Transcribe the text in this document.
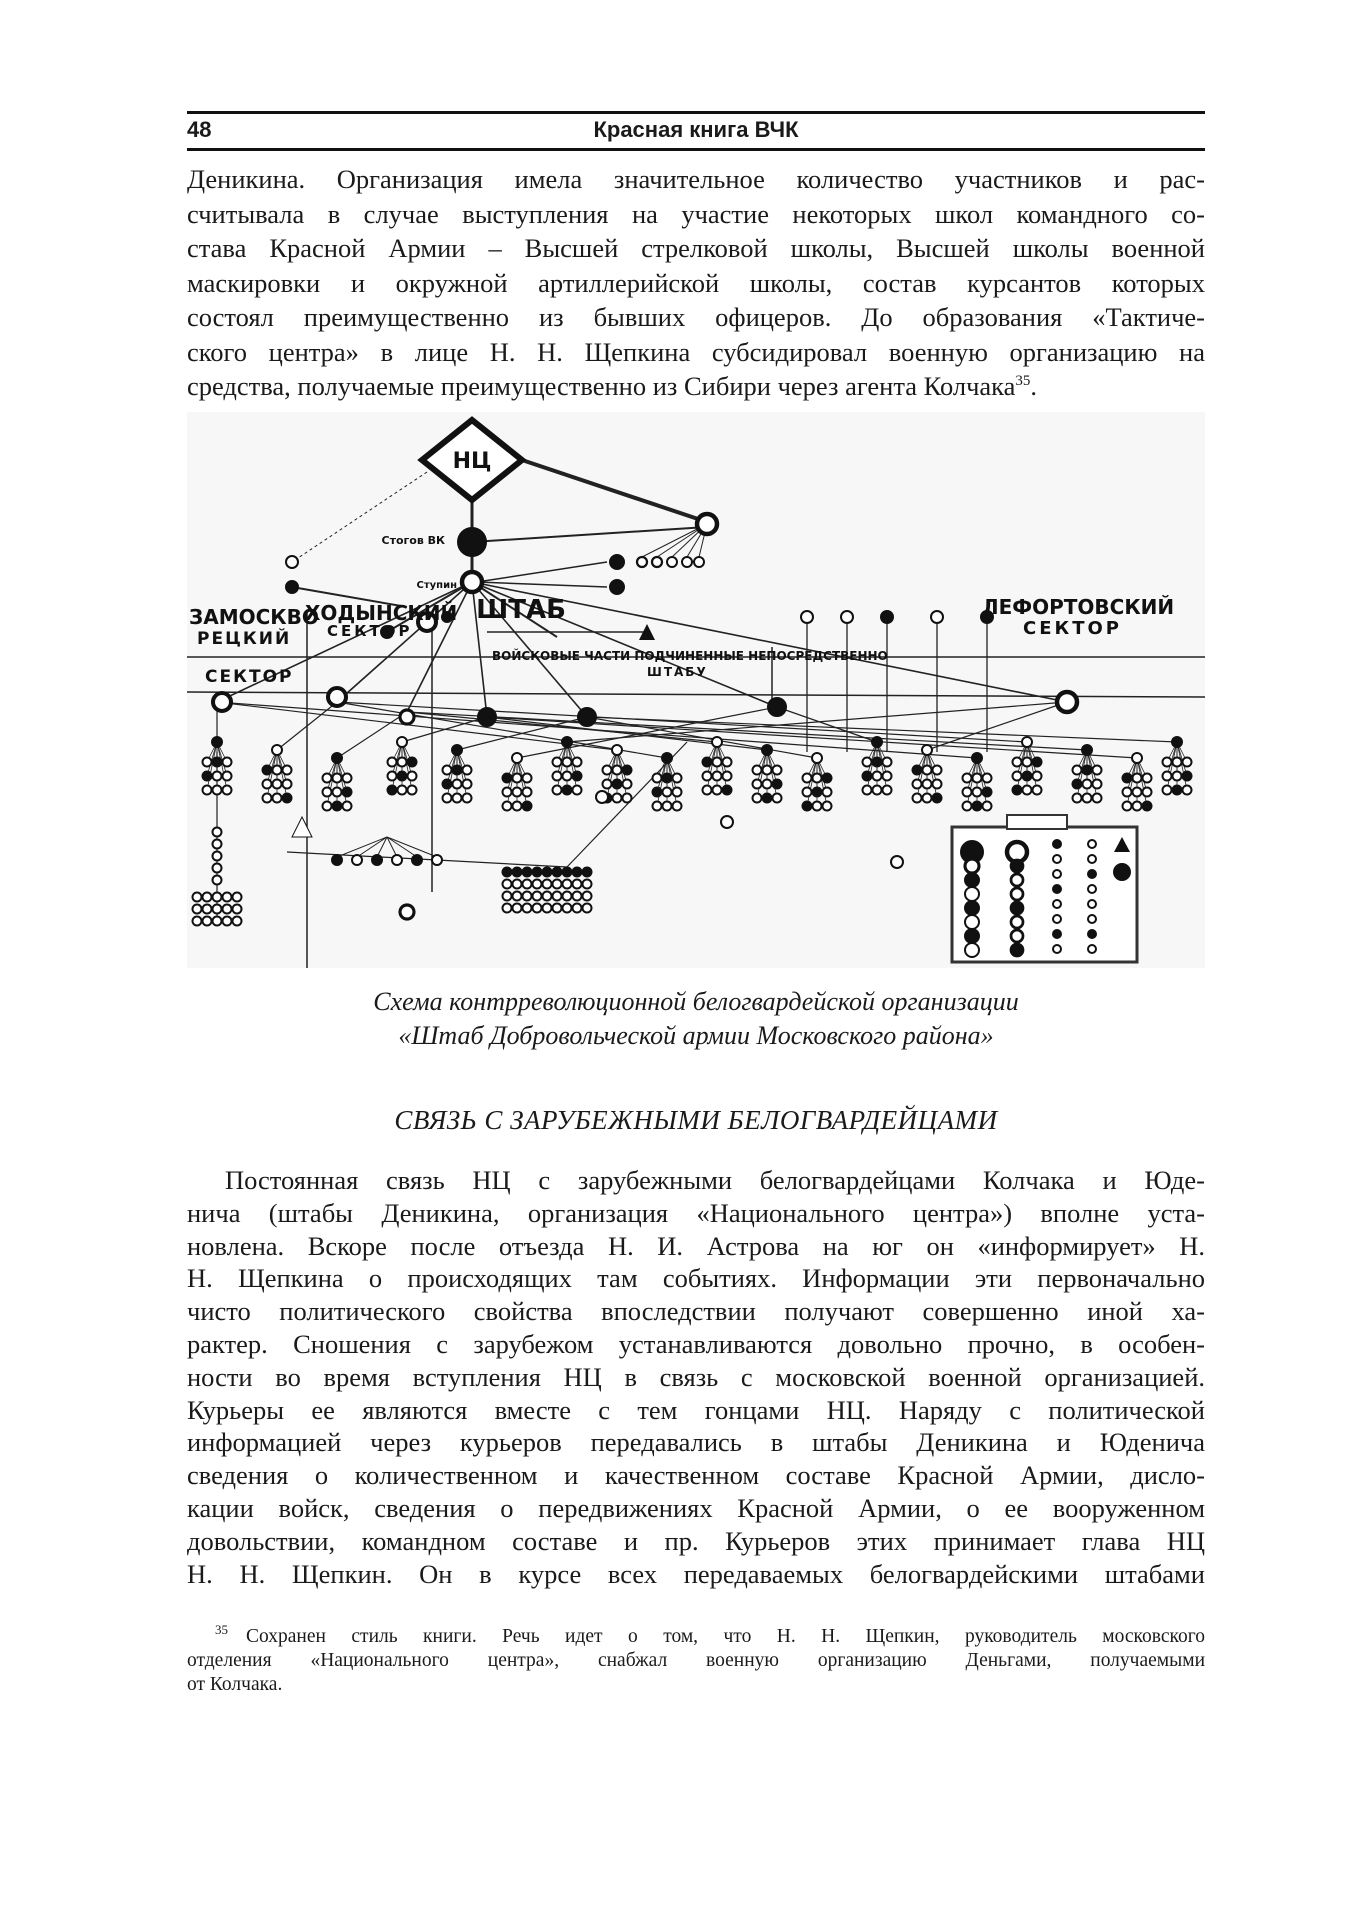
48	Красная книга ВЧК
Деникина. Организация имела значительное количество участников и рас-
считывала в случае выступления на участие некоторых школ командного со-
става Красной Армии – Высшей стрелковой школы, Высшей школы военной
маскировки и окружной артиллерийской школы, состав курсантов которых
состоял преимущественно из бывших офицеров. До образования «Тактиче-
ского центра» в лице Н. Н. Щепкина субсидировал военную организацию на
средства, получаемые преимущественно из Сибири через агента Колчака$^{35}$.
НЦ
Стогов ВК
Ступин
ШТАБ
ЗАМОСКВО
РЕЦКИЙ
СЕКТОР
ХОДЫНСКИЙ
СЕКТОР
ВОЙСКОВЫЕ ЧАСТИ ПОДЧИНЕННЫЕ НЕПОСРЕДСТВЕННО
ШТАБУ
ЛЕФОРТОВСКИЙ
СЕКТОР
Схема контрреволюционной белогвардейской организации
«Штаб Добровольческой армии Московского района»
СВЯЗЬ С ЗАРУБЕЖНЫМИ БЕЛОГВАРДЕЙЦАМИ
Постоянная связь НЦ с зарубежными белогвардейцами Колчака и Юде-
нича (штабы Деникина, организация «Национального центра») вполне уста-
новлена. Вскоре после отъезда Н. И. Астрова на юг он «информирует» Н.
Н. Щепкина о происходящих там событиях. Информации эти первоначально
чисто политического свойства впоследствии получают совершенно иной ха-
рактер. Сношения с зарубежом устанавливаются довольно прочно, в особен-
ности во время вступления НЦ в связь с московской военной организацией.
Курьеры ее являются вместе с тем гонцами НЦ. Наряду с политической
информацией через курьеров передавались в штабы Деникина и Юденича
сведения о количественном и качественном составе Красной Армии, дисло-
кации войск, сведения о передвижениях Красной Армии, о ее вооруженном
довольствии, командном составе и пр. Курьеров этих принимает глава НЦ
Н. Н. Щепкин. Он в курсе всех передаваемых белогвардейскими штабами
$^{35}$ Сохранен стиль книги. Речь идет о том, что Н. Н. Щепкин, руководитель московского
отделения «Национального центра», снабжал военную организацию Деньгами, получаемыми
от Колчака.
